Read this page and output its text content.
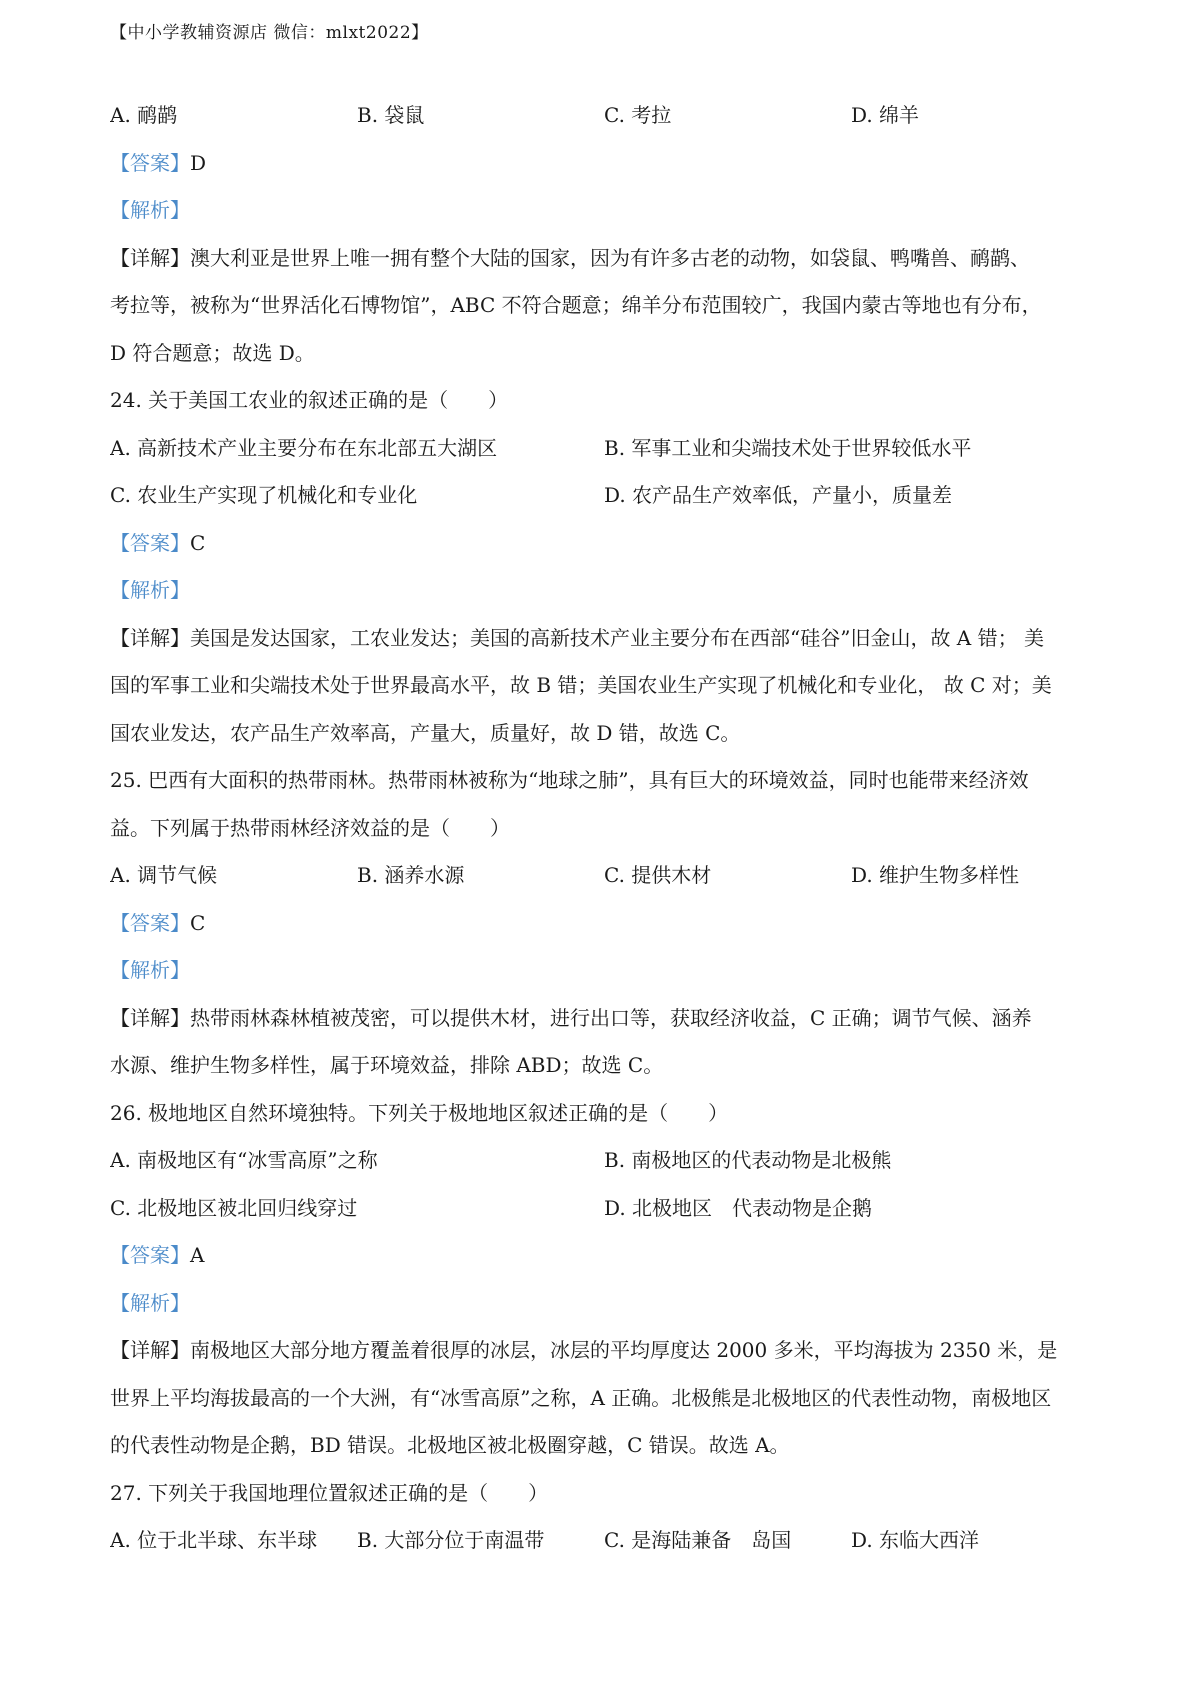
【中小学教辅资源店 微信：mlxt2022】
A. 鸸鹋	B. 袋鼠	C. 考拉	D. 绵羊
【答案】D
【解析】
【详解】澳大利亚是世界上唯一拥有整个大陆的国家，因为有许多古老的动物，如袋鼠、鸭嘴兽、鸸鹋、
考拉等，被称为“世界活化石博物馆”，ABC 不符合题意；绵羊分布范围较广，我国内蒙古等地也有分布，
D 符合题意；故选 D。
24. 关于美国工农业的叙述正确的是（　　）
A. 高新技术产业主要分布在东北部五大湖区	B. 军事工业和尖端技术处于世界较低水平
C. 农业生产实现了机械化和专业化	D. 农产品生产效率低，产量小，质量差
【答案】C
【解析】
【详解】美国是发达国家，工农业发达；美国的高新技术产业主要分布在西部“硅谷”旧金山，故 A 错； 美
国的军事工业和尖端技术处于世界最高水平，故 B 错；美国农业生产实现了机械化和专业化， 故 C 对；美
国农业发达，农产品生产效率高，产量大，质量好，故 D 错，故选 C。
25. 巴西有大面积的热带雨林。热带雨林被称为“地球之肺”，具有巨大的环境效益，同时也能带来经济效
益。下列属于热带雨林经济效益的是（　　）
A. 调节气候	B. 涵养水源	C. 提供木材	D. 维护生物多样性
【答案】C
【解析】
【详解】热带雨林森林植被茂密，可以提供木材，进行出口等，获取经济收益，C 正确；调节气候、涵养
水源、维护生物多样性，属于环境效益，排除 ABD；故选 C。
26. 极地地区自然环境独特。下列关于极地地区叙述正确的是（　　）
A. 南极地区有“冰雪高原”之称	B. 南极地区的代表动物是北极熊
C. 北极地区被北回归线穿过	D. 北极地区　代表动物是企鹅
【答案】A
【解析】
【详解】南极地区大部分地方覆盖着很厚的冰层，冰层的平均厚度达 2000 多米，平均海拔为 2350 米，是
世界上平均海拔最高的一个大洲，有“冰雪高原”之称，A 正确。北极熊是北极地区的代表性动物，南极地区
的代表性动物是企鹅，BD 错误。北极地区被北极圈穿越，C 错误。故选 A。
27. 下列关于我国地理位置叙述正确的是（　　）
A. 位于北半球、东半球 B. 大部分位于南温带	C. 是海陆兼备　岛国	D. 东临大西洋
